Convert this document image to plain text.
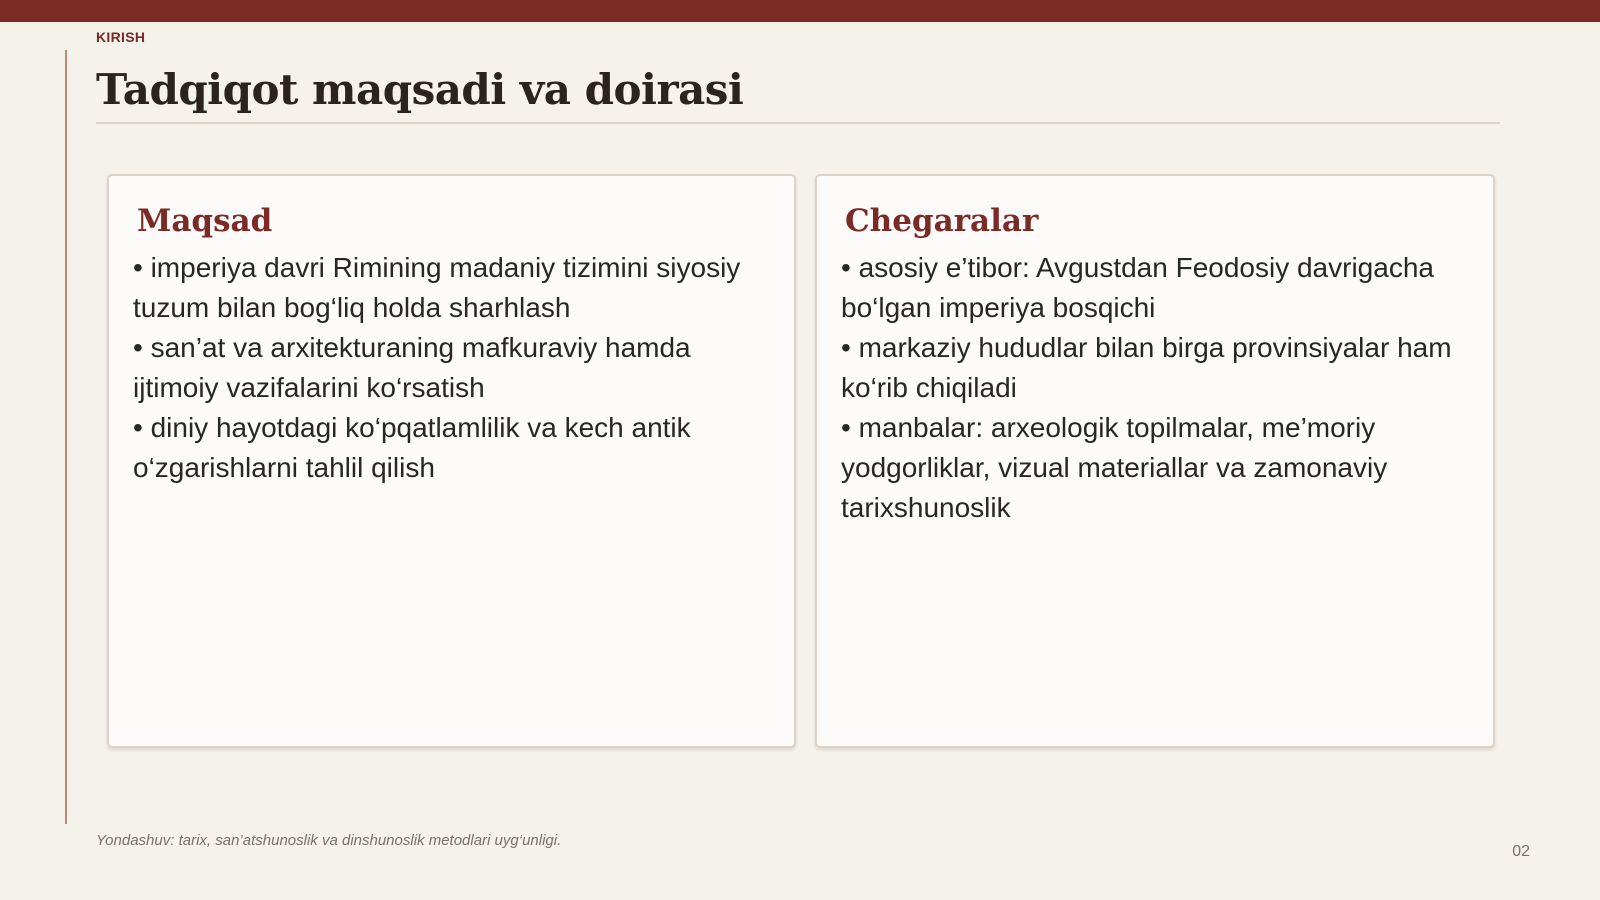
KIRISH
Tadqiqot maqsadi va doirasi
Maqsad
• imperiya davri Rimining madaniy tizimini siyosiy tuzum bilan bog‘liq holda sharhlash
• san’at va arxitekturaning mafkuraviy hamda ijtimoiy vazifalarini ko‘rsatish
• diniy hayotdagi ko‘pqatlamlilik va kech antik o‘zgarishlarni tahlil qilish
Chegaralar
• asosiy e’tibor: Avgustdan Feodosiy davrigacha bo‘lgan imperiya bosqichi
• markaziy hududlar bilan birga provinsiyalar ham ko‘rib chiqiladi
• manbalar: arxeologik topilmalar, me’moriy yodgorliklar, vizual materiallar va zamonaviy tarixshunoslik
Yondashuv: tarix, san’atshunoslik va dinshunoslik metodlari uyg‘unligi.
02
